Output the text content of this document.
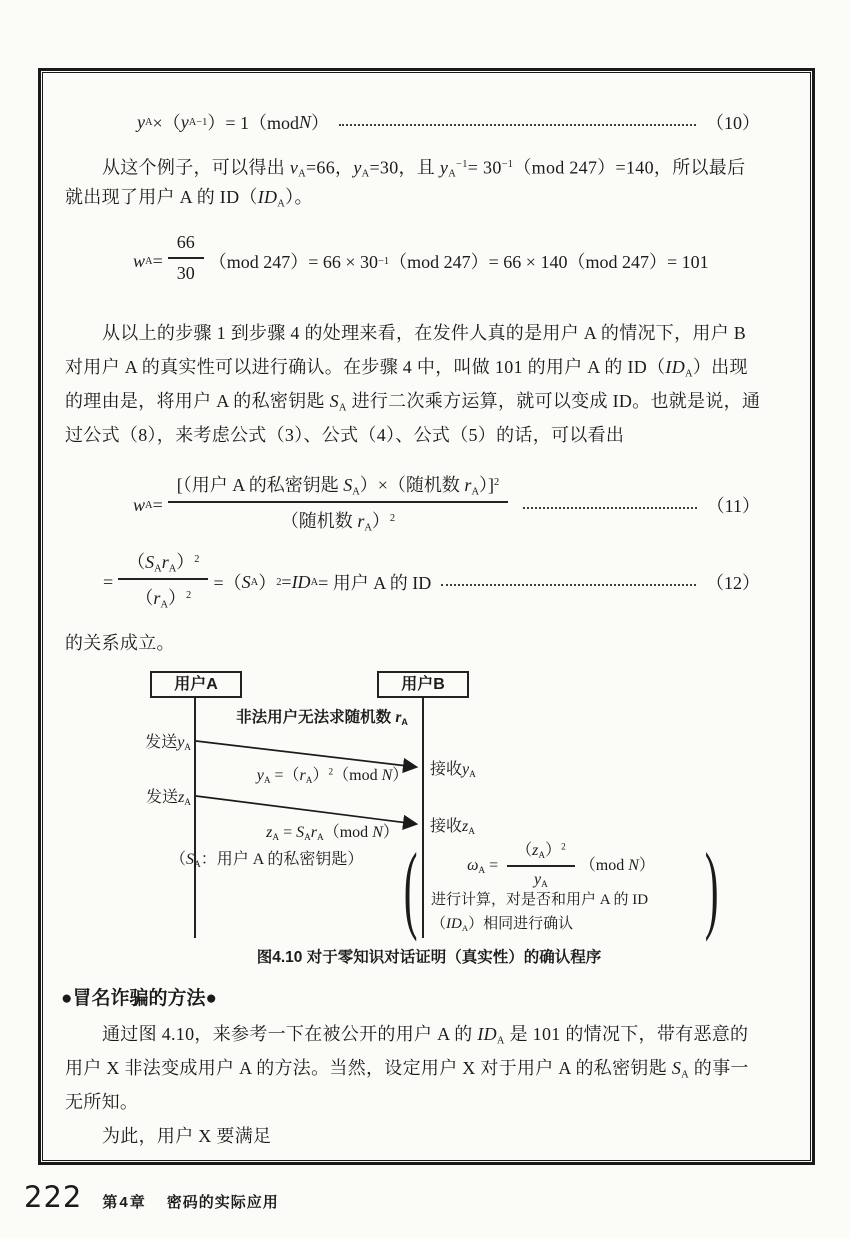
y A ×（ y A −1 ）= 1（mod N ）	（10）
从这个例子，可以得出 $v_A=66$，$y_A=30$，且 $y_A^{-1}= 30^{-1}(mod$ 247）=140，所以最后
就出现了用户 A 的 $ID(ID_A)$。
w $A = \frac{66}{30} (mod$ 247）= 66 × 30 −1 （mod 247）= 66 × 140（mod 247）= 101
从以上的步骤 1 到步骤 4 的处理来看，在发件人真的是用户 A 的情况下，用户 B
对用户 A 的真实性可以进行确认。在步骤 4 中，叫做 101 的用户 A 的 $ID(ID_A)$出现
的理由是，将用户 A 的私密钥匙 $S_A$ 进行二次乘方运算，就可以变成 ID。也就是说，通
过公式（8），来考虑公式（3）、公式（4）、公式（5）的话，可以看出
w $A = \frac{[(用户 A 的私密钥匙 S_A)\times(随机数 r_A)]^2}{(随机数 r_A)^2}$	（11）
= $\frac{(S_Ar_A)^2}{(r_A)^2}$ =（ S A ） 2 = ID A = 用户 A 的 ID	（12）
的关系成立。
用户A	用户B
非法用户无法求随机数 $r_A$
发送$y_A$
$y_A =(r_A)^2(mod$ N）	接收$y_A$
发送$z_A$
$z_A = S_Ar_A(mod$ N）	接收$z_A$
（$S_A$：用户 A 的私密钥匙） (	)
$\omega_A = \frac{(z_A)^2}{y_A} (mod$ N）
进行计算，对是否和用户 A 的 ID
$(ID_A)$相同进行确认
图4.10 对于零知识对话证明（真实性）的确认程序
●冒名诈骗的方法●
通过图 4.10，来参考一下在被公开的用户 A 的 $ID_A$ 是 101 的情况下，带有恶意的
用户 X 非法变成用户 A 的方法。当然，设定用户 X 对于用户 A 的私密钥匙 $S_A$ 的事一
无所知。
为此，用户 X 要满足
222 第4章 密码的实际应用
